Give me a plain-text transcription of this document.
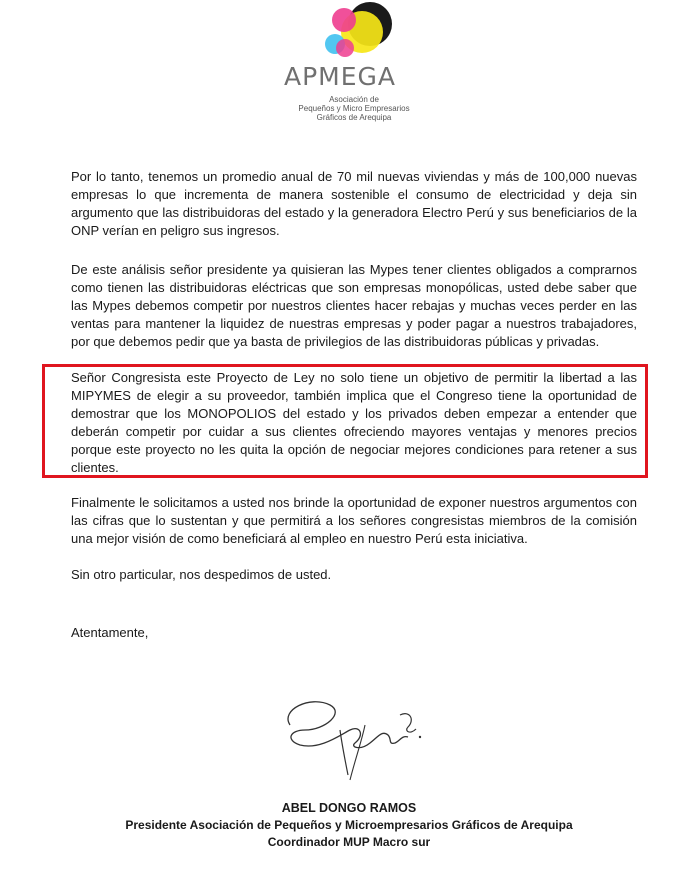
APMEGA
Asociación de
Pequeños y Micro Empresarios
Gráficos de Arequipa

Por lo tanto, tenemos un promedio anual de 70 mil nuevas viviendas y más de 100,000 nuevas empresas lo que incrementa de manera sostenible el consumo de electricidad y deja sin argumento que las distribuidoras del estado y la generadora Electro Perú y sus beneficiarios de la ONP verían en peligro sus ingresos.

De este análisis señor presidente ya quisieran las Mypes tener clientes obligados a comprarnos como tienen las distribuidoras eléctricas que son empresas monopólicas, usted debe saber que las Mypes debemos competir por nuestros clientes hacer rebajas y muchas veces perder en las ventas para mantener la liquidez de nuestras empresas y poder pagar a nuestros trabajadores, por que debemos pedir que ya basta de privilegios de las distribuidoras públicas y privadas.

Señor Congresista este Proyecto de Ley no solo tiene un objetivo de permitir la libertad a las MIPYMES de elegir a su proveedor, también implica que el Congreso tiene la oportunidad de demostrar que los MONOPOLIOS del estado y los privados deben empezar a entender que deberán competir por cuidar a sus clientes ofreciendo mayores ventajas y menores precios porque este proyecto no les quita la opción de negociar mejores condiciones para retener a sus clientes.

Finalmente le solicitamos a usted nos brinde la oportunidad de exponer nuestros argumentos con las cifras que lo sustentan y que permitirá a los señores congresistas miembros de la comisión una mejor visión de como beneficiará al empleo en nuestro Perú esta iniciativa.

Sin otro particular, nos despedimos de usted.

Atentamente,

ABEL DONGO RAMOS
Presidente Asociación de Pequeños y Microempresarios Gráficos de Arequipa
Coordinador MUP Macro sur
